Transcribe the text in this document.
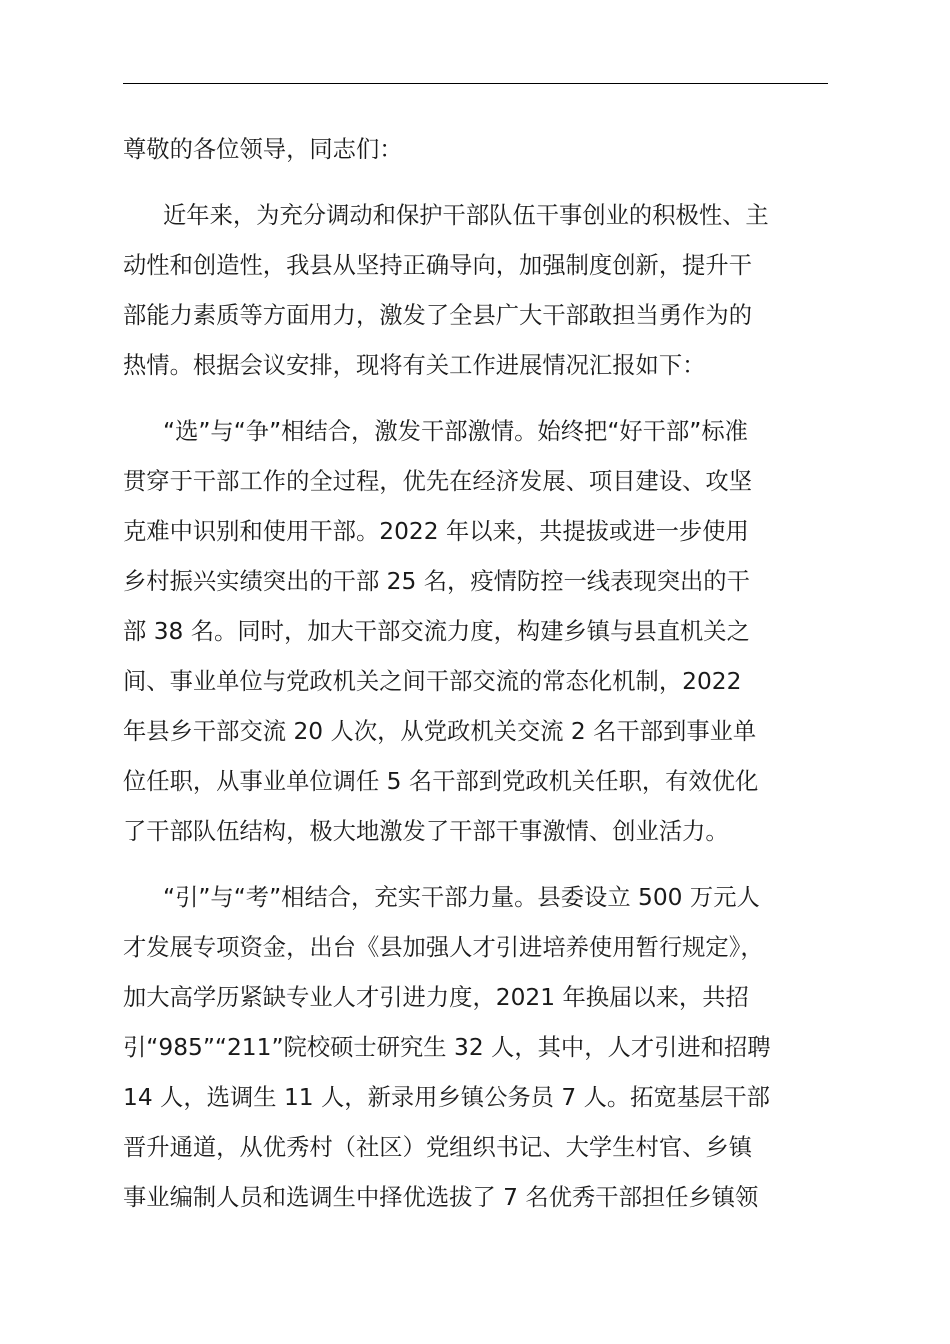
尊敬的各位领导，同志们：
近年来，为充分调动和保护干部队伍干事创业的积极性、主
动性和创造性，我县从坚持正确导向，加强制度创新，提升干
部能力素质等方面用力，激发了全县广大干部敢担当勇作为的
热情。根据会议安排，现将有关工作进展情况汇报如下：
“选”与“争”相结合，激发干部激情。始终把“好干部”标准
贯穿于干部工作的全过程，优先在经济发展、项目建设、攻坚
克难中识别和使用干部。2022 年以来，共提拔或进一步使用
乡村振兴实绩突出的干部 25 名，疫情防控一线表现突出的干
部 38 名。同时，加大干部交流力度，构建乡镇与县直机关之
间、事业单位与党政机关之间干部交流的常态化机制，2022
年县乡干部交流 20 人次，从党政机关交流 2 名干部到事业单
位任职，从事业单位调任 5 名干部到党政机关任职，有效优化
了干部队伍结构，极大地激发了干部干事激情、创业活力。
“引”与“考”相结合，充实干部力量。县委设立 500 万元人
才发展专项资金，出台《县加强人才引进培养使用暂行规定》，
加大高学历紧缺专业人才引进力度，2021 年换届以来，共招
引“985”“211”院校硕士研究生 32 人，其中，人才引进和招聘
14 人，选调生 11 人，新录用乡镇公务员 7 人。拓宽基层干部
晋升通道，从优秀村（社区）党组织书记、大学生村官、乡镇
事业编制人员和选调生中择优选拔了 7 名优秀干部担任乡镇领
